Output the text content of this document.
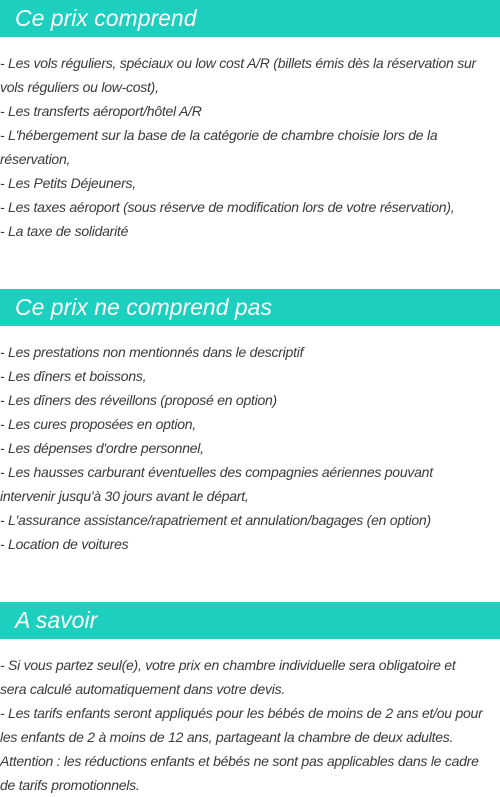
Ce prix comprend
- Les vols réguliers, spéciaux ou low cost A/R (billets émis dès la réservation sur
vols réguliers ou low-cost),
- Les transferts aéroport/hôtel A/R
- L'hébergement sur la base de la catégorie de chambre choisie lors de la
réservation,
- Les Petits Déjeuners,
- Les taxes aéroport (sous réserve de modification lors de votre réservation),
- La taxe de solidarité
Ce prix ne comprend pas
- Les prestations non mentionnés dans le descriptif
- Les dîners et boissons,
- Les dîners des réveillons (proposé en option)
- Les cures proposées en option,
- Les dépenses d'ordre personnel,
- Les hausses carburant éventuelles des compagnies aériennes pouvant
intervenir jusqu'à 30 jours avant le départ,
- L'assurance assistance/rapatriement et annulation/bagages (en option)
- Location de voitures
A savoir
- Si vous partez seul(e), votre prix en chambre individuelle sera obligatoire et
sera calculé automatiquement dans votre devis.
- Les tarifs enfants seront appliqués pour les bébés de moins de 2 ans et/ou pour
les enfants de 2 à moins de 12 ans, partageant la chambre de deux adultes.
Attention : les réductions enfants et bébés ne sont pas applicables dans le cadre
de tarifs promotionnels.
